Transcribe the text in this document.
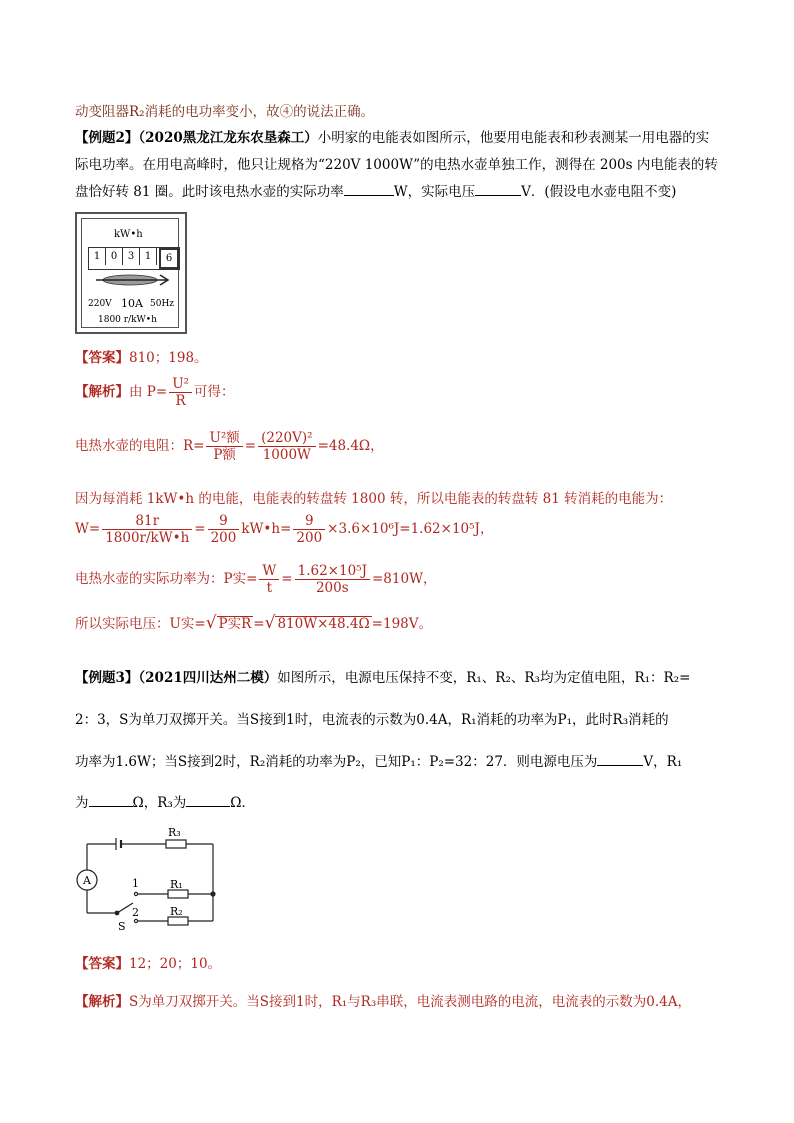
动变阻器R₂消耗的电功率变小，故④的说法正确。
【例题2】（2020黑龙江龙东农垦森工）小明家的电能表如图所示，他要用电能表和秒表测某一用电器的实
际电功率。在用电高峰时，他只让规格为“220V 1000W”的电热水壶单独工作，测得在 200s 内电能表的转
盘恰好转 81 圈。此时该电热水壶的实际功率	W，实际电压	V．(假设电水壶电阻不变)
kW•h
1	0	3	1	6
220V 10A 50Hz
1800 r/kW•h
【答案】810；198。
【解析】由 $P= \frac{\text{U²}}{R}$ 可得：
电热水壶的电阻：$R= \frac{\text{U²额}}{\text{P额}} = \frac{\text{(220V)²}}{1000W} =48.4\Omega$，
因为每消耗 1kW•h 的电能，电能表的转盘转 1800 转，所以电能表的转盘转 81 转消耗的电能为：
$W= \frac{81r}{1800r/kW•h} = \frac{9}{200}$ kW•h= $\frac{9}{200} \times 3.6\times 10^6J=1.62\times 10^5J$，
电热水壶的实际功率为：P实= $\frac{W}{t} = \frac{\text{1.62×10⁵J}}{200s} =810W$，
所以实际电压：U实=√ P实R =√ 810W×48.4Ω =198V。
【例题3】（2021四川达州二模）如图所示，电源电压保持不变，R₁、R₂、R₃均为定值电阻，R₁：R₂=
2：3，S为单刀双掷开关。当S接到1时，电流表的示数为0.4A，R₁消耗的功率为P₁，此时R₃消耗的
功率为1.6W；当S接到2时，R₂消耗的功率为P₂，已知P₁：P₂=32：27．则电源电压为	V，R₁
为	Ω，R₃为	Ω．
R₃
R₁
R₂
A	1
2
S
【答案】12；20；10。
【解析】S为单刀双掷开关。当S接到1时，R₁与R₃串联，电流表测电路的电流，电流表的示数为0.4A，
